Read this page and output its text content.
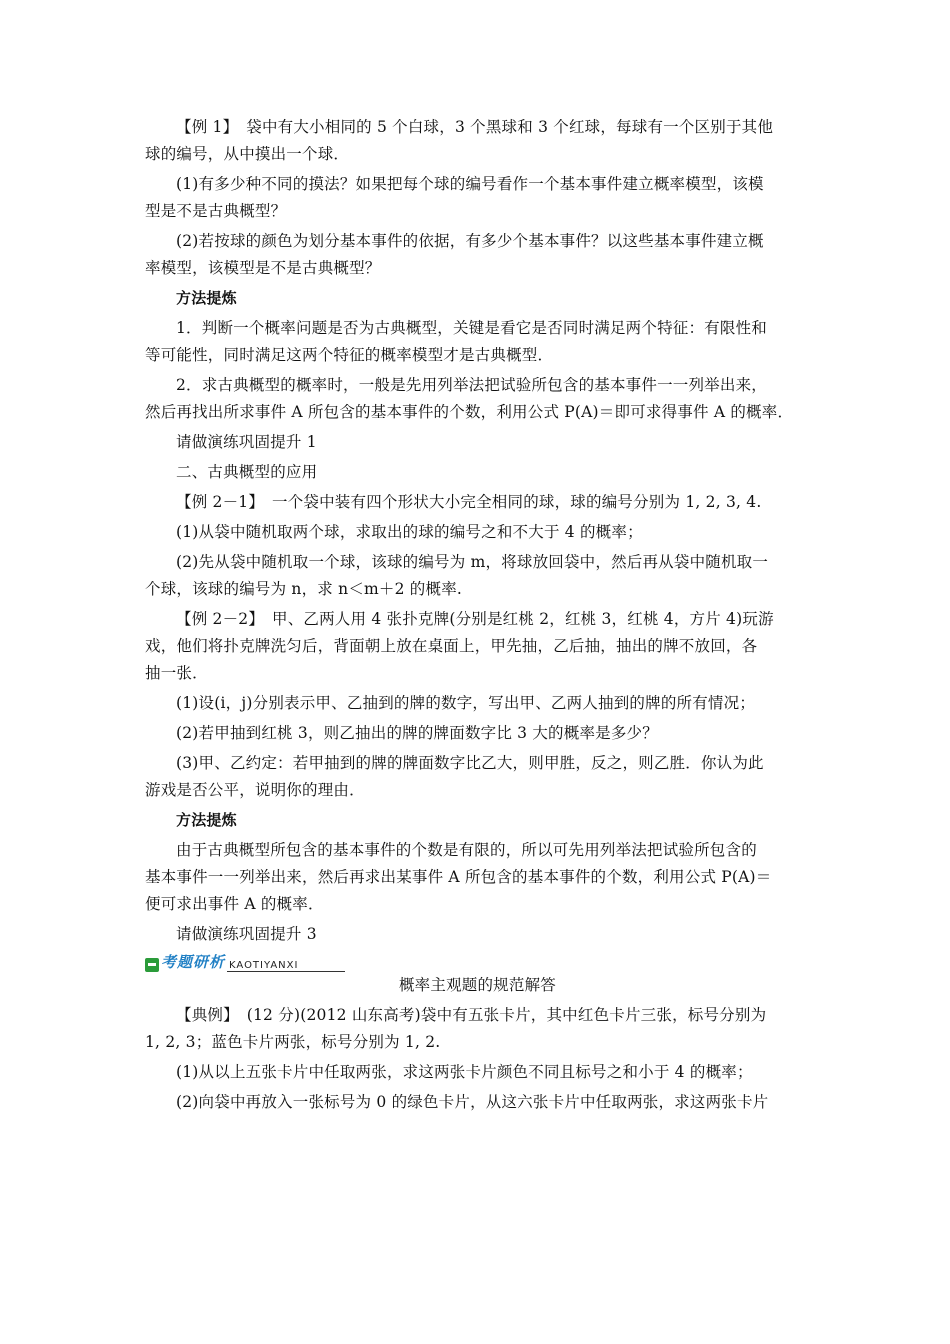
【例 1】　袋中有大小相同的 5 个白球，3 个黑球和 3 个红球，每球有一个区别于其他
球的编号，从中摸出一个球．
(1)有多少种不同的摸法？如果把每个球的编号看作一个基本事件建立概率模型，该模
型是不是古典概型？
(2)若按球的颜色为划分基本事件的依据，有多少个基本事件？以这些基本事件建立概
率模型，该模型是不是古典概型？
方法提炼
1．判断一个概率问题是否为古典概型，关键是看它是否同时满足两个特征：有限性和
等可能性，同时满足这两个特征的概率模型才是古典概型．
2．求古典概型的概率时，一般是先用列举法把试验所包含的基本事件一一列举出来，
然后再找出所求事件 A 所包含的基本事件的个数，利用公式 P(A)＝即可求得事件 A 的概率．
请做演练巩固提升 1
二、古典概型的应用
【例 2－1】　一个袋中装有四个形状大小完全相同的球，球的编号分别为 1, 2, 3, 4.
(1)从袋中随机取两个球，求取出的球的编号之和不大于 4 的概率；
(2)先从袋中随机取一个球，该球的编号为 m，将球放回袋中，然后再从袋中随机取一
个球，该球的编号为 n，求 n＜m＋2 的概率.
【例 2－2】　甲、乙两人用 4 张扑克牌(分别是红桃 2，红桃 3，红桃 4，方片 4)玩游
戏，他们将扑克牌洗匀后，背面朝上放在桌面上，甲先抽，乙后抽，抽出的牌不放回，各
抽一张．
(1)设(i，j)分别表示甲、乙抽到的牌的数字，写出甲、乙两人抽到的牌的所有情况；
(2)若甲抽到红桃 3，则乙抽出的牌的牌面数字比 3 大的概率是多少？
(3)甲、乙约定：若甲抽到的牌的牌面数字比乙大，则甲胜，反之，则乙胜．你认为此
游戏是否公平，说明你的理由．
方法提炼
由于古典概型所包含的基本事件的个数是有限的，所以可先用列举法把试验所包含的
基本事件一一列举出来，然后再求出某事件 A 所包含的基本事件的个数，利用公式 P(A)＝
便可求出事件 A 的概率．
请做演练巩固提升 3
考题研析 KAOTIYANXI
概率主观题的规范解答
【典例】　(12 分)(2012 山东高考)袋中有五张卡片，其中红色卡片三张，标号分别为
1, 2, 3；蓝色卡片两张，标号分别为 1, 2.
(1)从以上五张卡片中任取两张，求这两张卡片颜色不同且标号之和小于 4 的概率；
(2)向袋中再放入一张标号为 0 的绿色卡片，从这六张卡片中任取两张，求这两张卡片
